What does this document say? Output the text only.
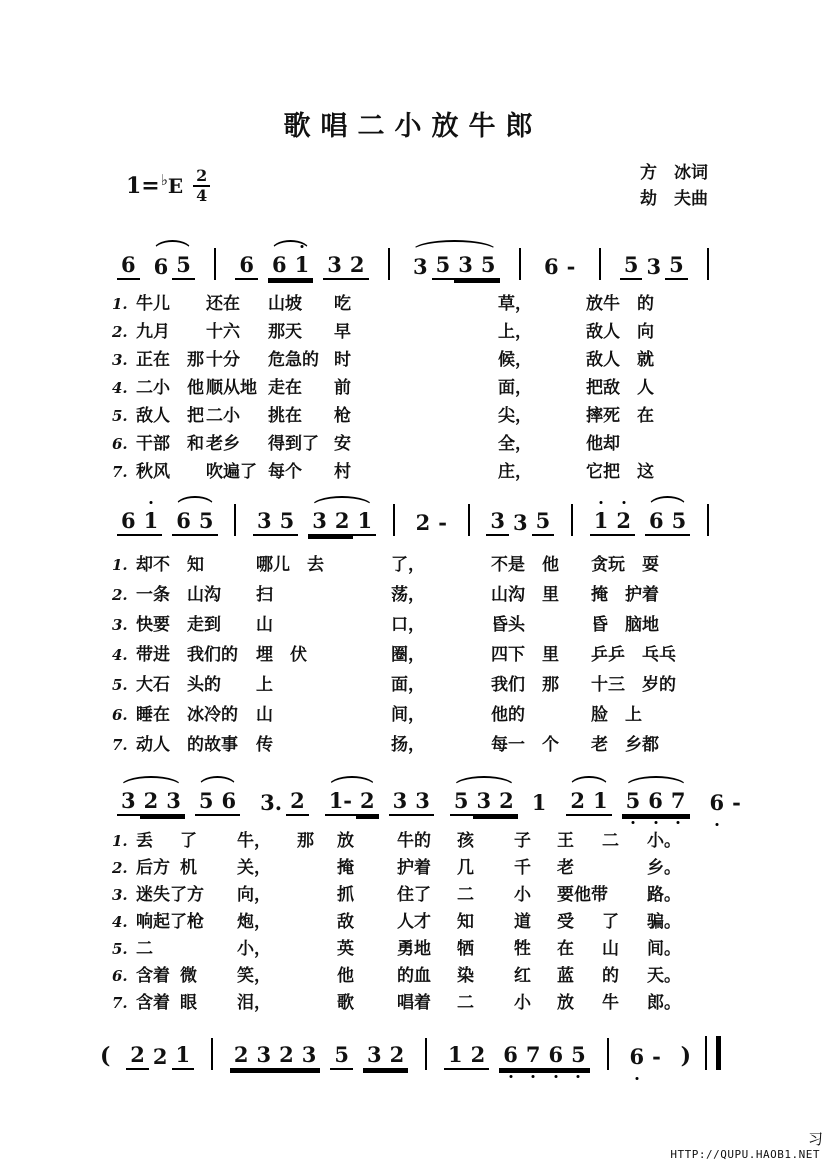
歌唱二小放牛郎
1= ♭ E $\frac{2}{4}$	方　冰词
劫　夫曲
6 6 5 6 6 1 3 2 3 5 3 5 6 - 5 3 5
1. 牛儿	还在	山坡	吃	草，	放牛　的
2. 九月	十六	那天	早	上，	敌人　向
3. 正在　那 十分	危急的 时	候，	敌人　就
4. 二小　他 顺从地 走在	前	面，	把敌　人
5. 敌人　把 二小	挑在	枪	尖，	摔死　在
6. 干部　和 老乡	得到了 安	全，	他却
7. 秋风	吹遍了 每个	村	庄，	它把　这
6 1 6 5 3 5 3 2 1 2 - 3 3 5 1 2 6 5
1. 却不　知	哪儿　去	了，	不是　他	贪玩　耍
2. 一条　山沟	扫	荡，	山沟　里	掩　护着
3. 快要　走到	山	口，	昏头	昏　脑地
4. 带进　我们的	埋　伏	圈，	四下　里	乒乒　乓乓
5. 大石　头的	上	面，	我们　那	十三　岁的
6. 睡在　冰冷的	山	间，	他的	脸　上
7. 动人　的故事	传	扬，	每一　个	老　乡都
3 2 3 5 6 3. 2 1- 2 3 3 5 3 2 1 2 1 5 6 7 6 -
1. 丢	了	牛，	那	放	牛的	孩	子	王	二	小。
2. 后方 机	关，	掩	护着	几	千	老	乡。
3. 迷失了方 向，	抓	住了	二	小	要他带 路。
4. 响起了枪 炮，	敌	人才	知	道	受	了	骗。
5. 二	小，	英	勇地	牺	牲	在	山	间。
6. 含着 微	笑，	他	的血	染	红	蓝	的	天。
7. 含着 眼	泪，	歌	唱着	二	小	放	牛	郎。
( 2 2 1 2 3 2 3 5 3 2 1 2 6 7 6 5 6 - )
习
HTTP://QUPU.HAOB1.NET
